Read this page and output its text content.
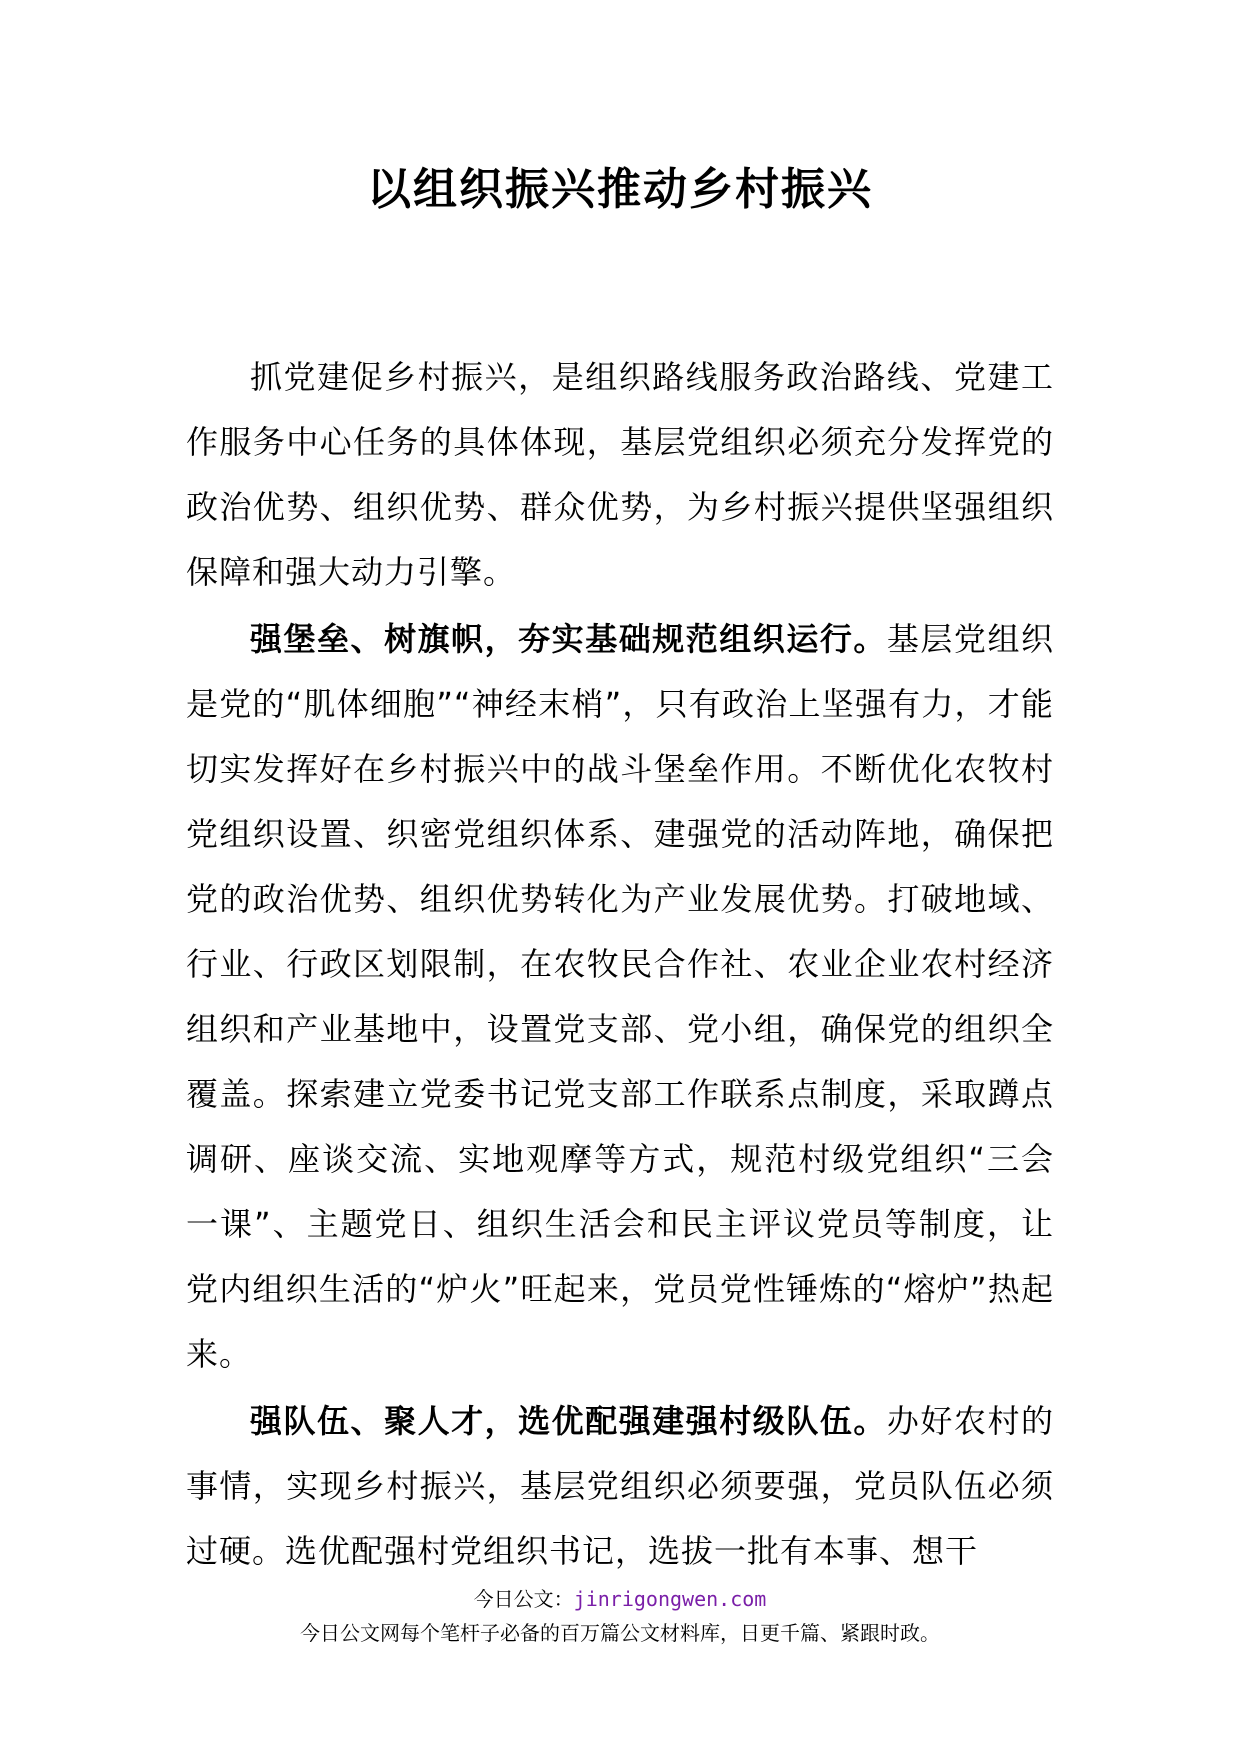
以组织振兴推动乡村振兴

抓党建促乡村振兴，是组织路线服务政治路线、党建工作服务中心任务的具体体现，基层党组织必须充分发挥党的政治优势、组织优势、群众优势，为乡村振兴提供坚强组织保障和强大动力引擎。

强堡垒、树旗帜，夯实基础规范组织运行。基层党组织是党的“肌体细胞”“神经末梢”，只有政治上坚强有力，才能切实发挥好在乡村振兴中的战斗堡垒作用。不断优化农牧村党组织设置、织密党组织体系、建强党的活动阵地，确保把党的政治优势、组织优势转化为产业发展优势。打破地域、行业、行政区划限制，在农牧民合作社、农业企业农村经济组织和产业基地中，设置党支部、党小组，确保党的组织全覆盖。探索建立党委书记党支部工作联系点制度，采取蹲点调研、座谈交流、实地观摩等方式，规范村级党组织“三会一课”、主题党日、组织生活会和民主评议党员等制度，让党内组织生活的“炉火”旺起来，党员党性锤炼的“熔炉”热起来。

强队伍、聚人才，选优配强建强村级队伍。办好农村的事情，实现乡村振兴，基层党组织必须要强，党员队伍必须过硬。选优配强村党组织书记，选拔一批有本事、想干

今日公文：jinrigongwen.com
今日公文网每个笔杆子必备的百万篇公文材料库，日更千篇、紧跟时政。
